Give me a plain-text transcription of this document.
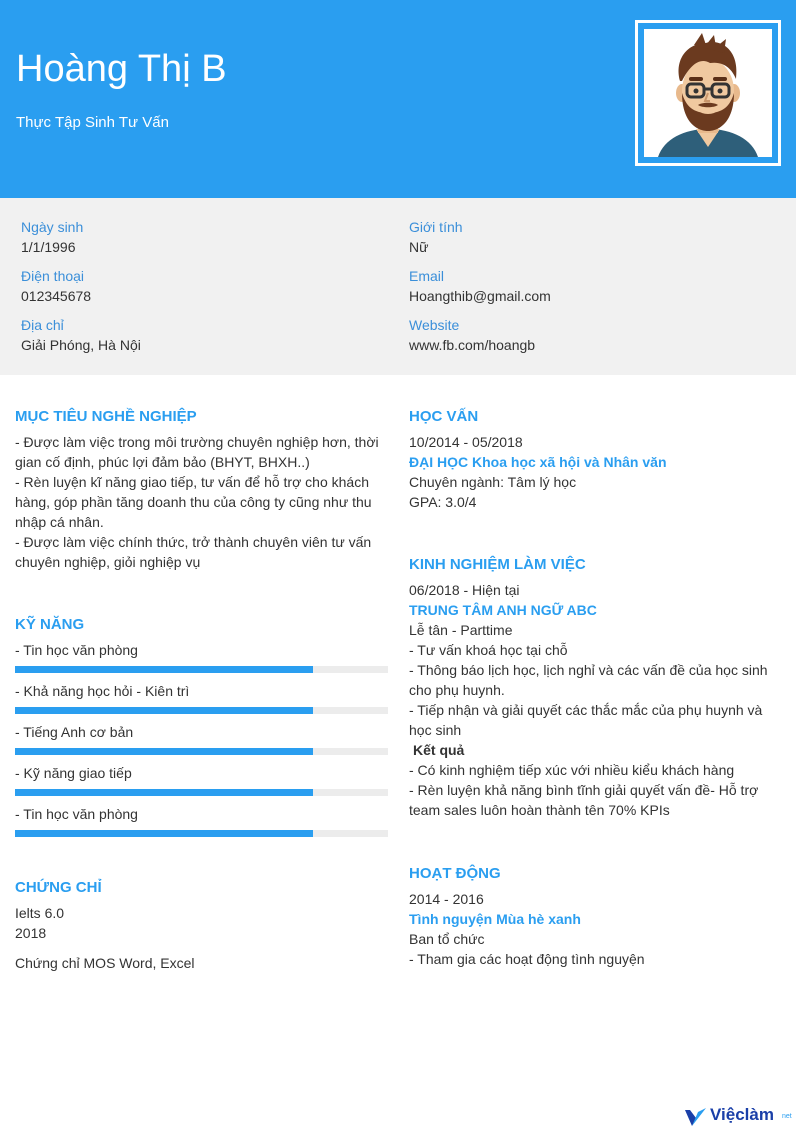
Hoàng Thị B
Thực Tập Sinh Tư Vấn
Ngày sinh
1/1/1996
Điện thoại
012345678
Địa chỉ
Giải Phóng, Hà Nội
Giới tính
Nữ
Email
Hoangthib@gmail.com
Website
www.fb.com/hoangb
MỤC TIÊU NGHỀ NGHIỆP
- Được làm việc trong môi trường chuyên nghiệp hơn, thời
gian cố định, phúc lợi đảm bảo (BHYT, BHXH..)
- Rèn luyện kĩ năng giao tiếp, tư vấn để hỗ trợ cho khách
hàng, góp phần tăng doanh thu của công ty cũng như thu
nhập cá nhân.
- Được làm việc chính thức, trở thành chuyên viên tư vấn
chuyên nghiệp, giỏi nghiệp vụ
KỸ NĂNG
- Tin học văn phòng
- Khả năng học hỏi - Kiên trì
- Tiếng Anh cơ bản
- Kỹ năng giao tiếp
- Tin học văn phòng
CHỨNG CHỈ
Ielts 6.0
2018
Chứng chỉ MOS Word, Excel
HỌC VẤN
10/2014 - 05/2018
ĐẠI HỌC Khoa học xã hội và Nhân văn
Chuyên ngành: Tâm lý học
GPA: 3.0/4
KINH NGHIỆM LÀM VIỆC
06/2018 - Hiện tại
TRUNG TÂM ANH NGỮ ABC
Lễ tân - Parttime
- Tư vấn khoá học tại chỗ
- Thông báo lịch học, lịch nghỉ và các vấn đề của học sinh
cho phụ huynh.
- Tiếp nhận và giải quyết các thắc mắc của phụ huynh và
học sinh
Kết quả
- Có kinh nghiệm tiếp xúc với nhiều kiểu khách hàng
- Rèn luyện khả năng bình tĩnh giải quyết vấn đề- Hỗ trợ
team sales luôn hoàn thành tên 70% KPIs
HOẠT ĐỘNG
2014 - 2016
Tình nguyện Mùa hè xanh
Ban tổ chức
- Tham gia các hoạt động tình nguyện
Việclàm net
